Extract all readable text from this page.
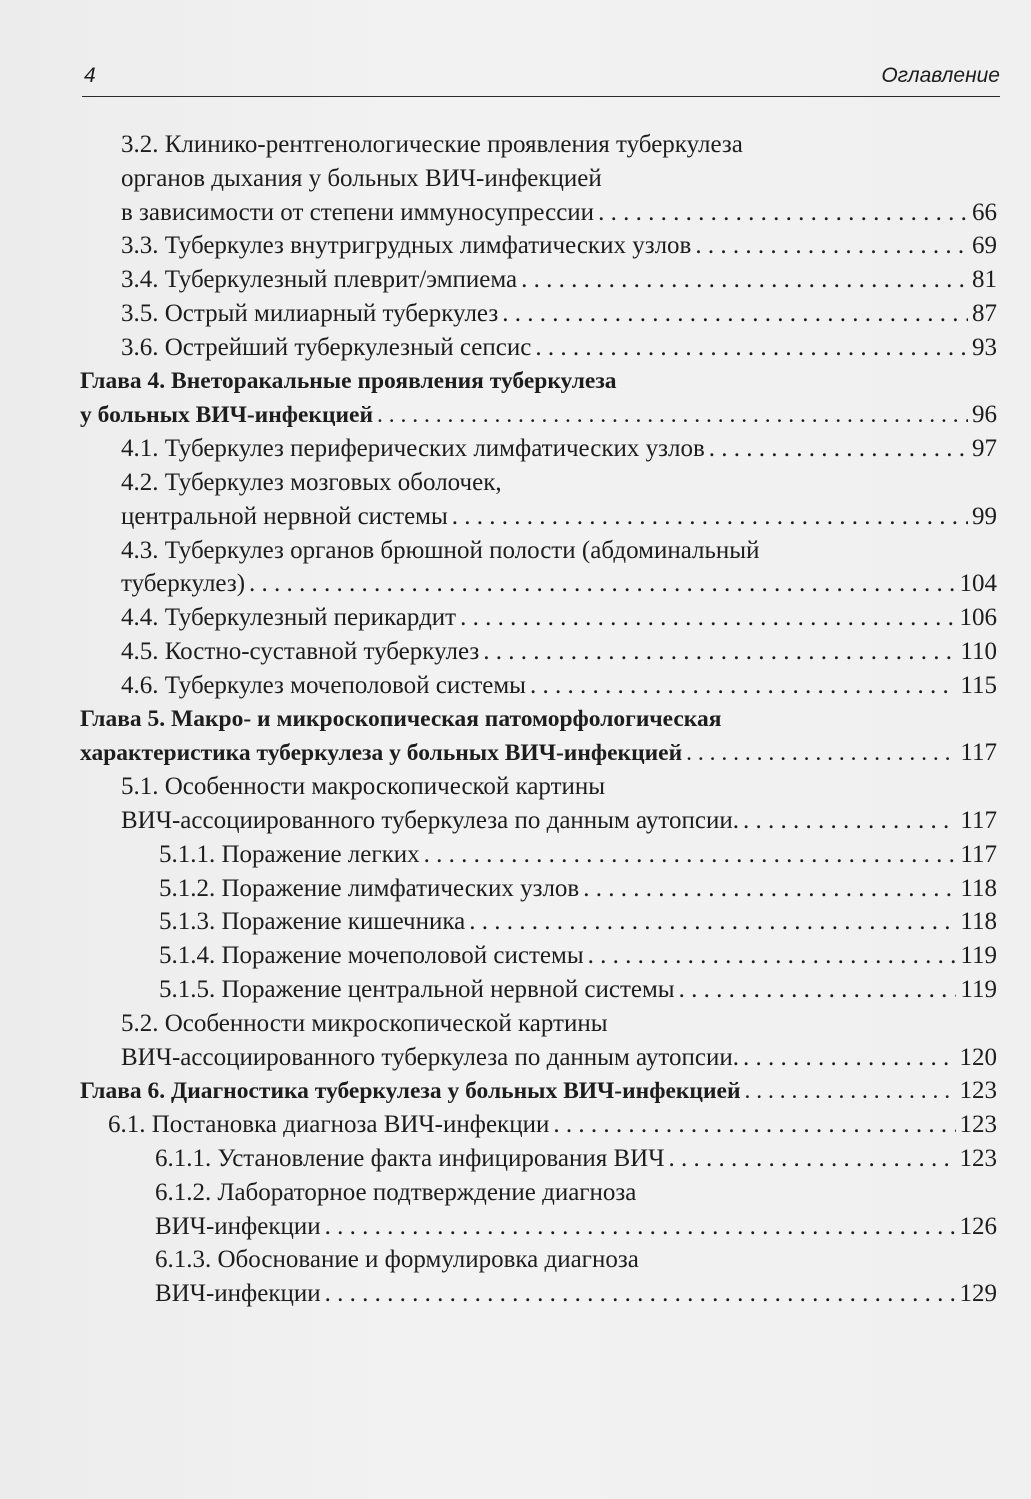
4	Оглавление
3.2. Клинико-рентгенологические проявления туберкулеза
органов дыхания у больных ВИЧ-инфекцией
в зависимости от степени иммуносупрессии . . .	66
3.3. Туберкулез внутригрудных лимфатических узлов . . .	69
3.4. Туберкулезный плеврит/эмпиема . . .	81
3.5. Острый милиарный туберкулез . . .	87
3.6. Острейший туберкулезный сепсис . . .	93
Глава 4. Внеторакальные проявления туберкулеза
у больных ВИЧ-инфекцией . . .	96
4.1. Туберкулез периферических лимфатических узлов . . .	97
4.2. Туберкулез мозговых оболочек,
центральной нервной системы . . .	99
4.3. Туберкулез органов брюшной полости (абдоминальный
туберкулез) . . .	104
4.4. Туберкулезный перикардит . . .	106
4.5. Костно-суставной туберкулез . . .	110
4.6. Туберкулез мочеполовой системы . . .	115
Глава 5. Макро- и микроскопическая патоморфологическая
характеристика туберкулеза у больных ВИЧ-инфекцией . . .	117
5.1. Особенности макроскопической картины
ВИЧ-ассоциированного туберкулеза по данным аутопсии. . . .	117
5.1.1. Поражение легких . . .	117
5.1.2. Поражение лимфатических узлов . . .	118
5.1.3. Поражение кишечника . . .	118
5.1.4. Поражение мочеполовой системы . . .	119
5.1.5. Поражение центральной нервной системы . . .	119
5.2. Особенности микроскопической картины
ВИЧ-ассоциированного туберкулеза по данным аутопсии. . . .	120
Глава 6. Диагностика туберкулеза у больных ВИЧ-инфекцией . . .	123
6.1. Постановка диагноза ВИЧ-инфекции . . .	123
6.1.1. Установление факта инфицирования ВИЧ . . .	123
6.1.2. Лабораторное подтверждение диагноза
ВИЧ-инфекции . . .	126
6.1.3. Обоснование и формулировка диагноза
ВИЧ-инфекции . . .	129
